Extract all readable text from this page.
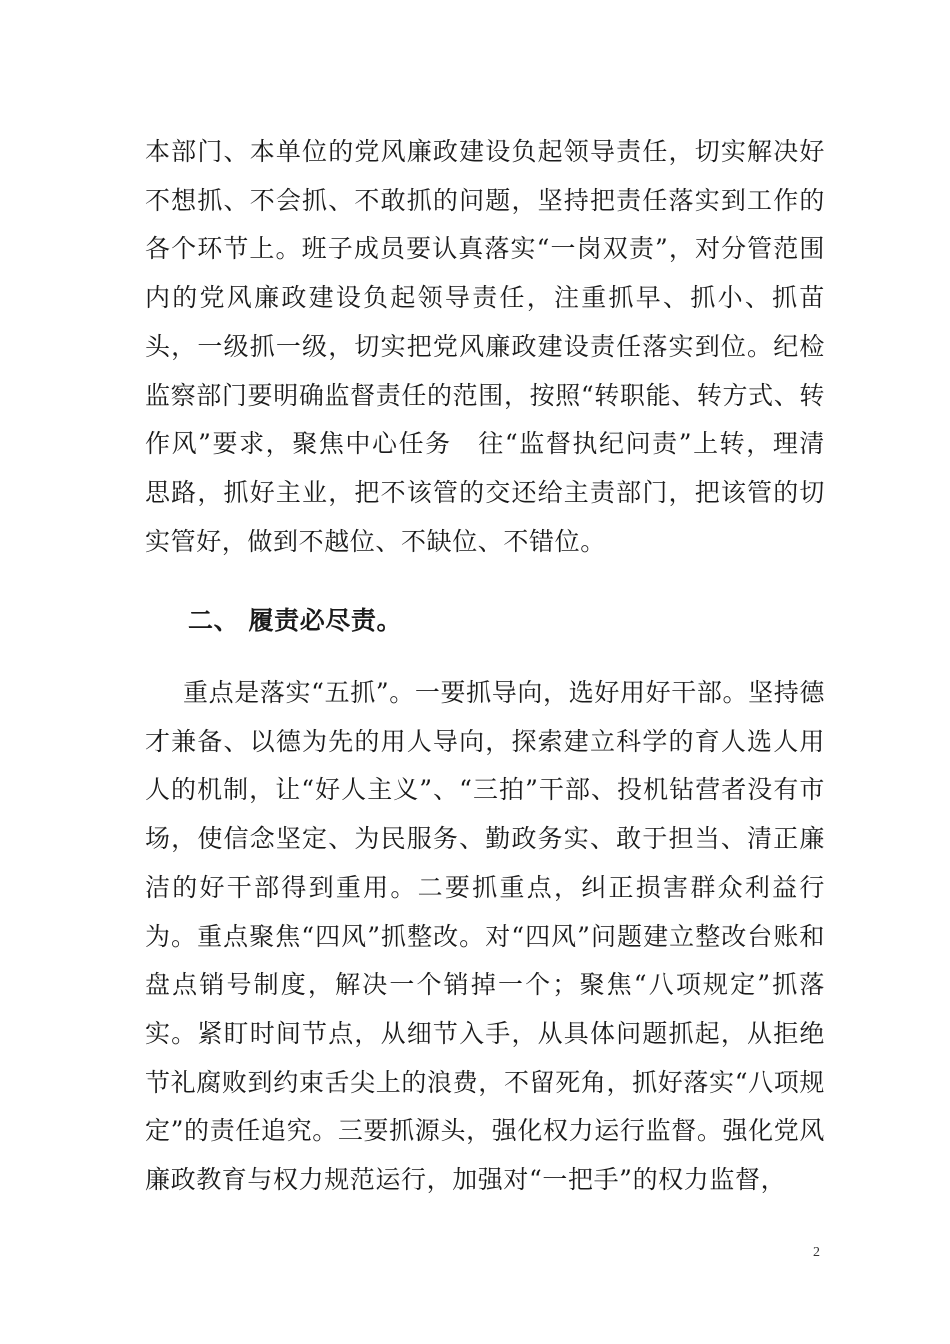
本部门、本单位的党风廉政建设负起领导责任，切实解决好不想抓、不会抓、不敢抓的问题，坚持把责任落实到工作的各个环节上。班子成员要认真落实“一岗双责”，对分管范围内的党风廉政建设负起领导责任，注重抓早、抓小、抓苗头，一级抓一级，切实把党风廉政建设责任落实到位。纪检监察部门要明确监督责任的范围，按照“转职能、转方式、转作风”要求，聚焦中心任务　往“监督执纪问责”上转，理清思路，抓好主业，把不该管的交还给主责部门，把该管的切实管好，做到不越位、不缺位、不错位。

二、 履责必尽责。

重点是落实“五抓”。一要抓导向，选好用好干部。坚持德才兼备、以德为先的用人导向，探索建立科学的育人选人用人的机制，让“好人主义”、“三拍”干部、投机钻营者没有市场，使信念坚定、为民服务、勤政务实、敢于担当、清正廉洁的好干部得到重用。二要抓重点，纠正损害群众利益行为。重点聚焦“四风”抓整改。对“四风”问题建立整改台账和盘点销号制度，解决一个销掉一个；聚焦“八项规定”抓落实。紧盯时间节点，从细节入手，从具体问题抓起，从拒绝节礼腐败到约束舌尖上的浪费，不留死角，抓好落实“八项规定”的责任追究。三要抓源头，强化权力运行监督。强化党风廉政教育与权力规范运行，加强对“一把手”的权力监督，

2
